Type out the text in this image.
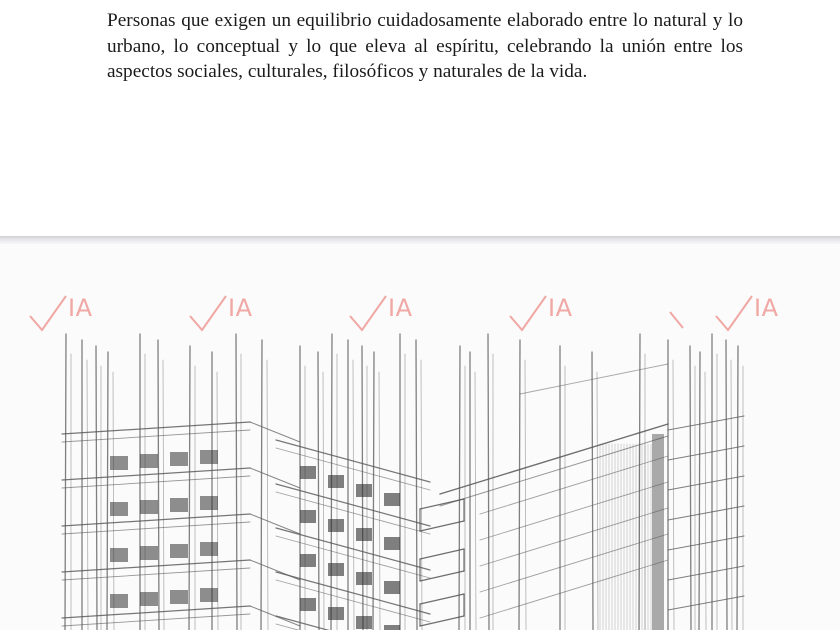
Personas que exigen un equilibrio cuidadosamente elaborado entre lo natural y lo urbano, lo conceptual y lo que eleva al espíritu, celebrando la unión entre los aspectos sociales, culturales, filosóficos y naturales de la vida.

IA	IA	IA	IA	IA
